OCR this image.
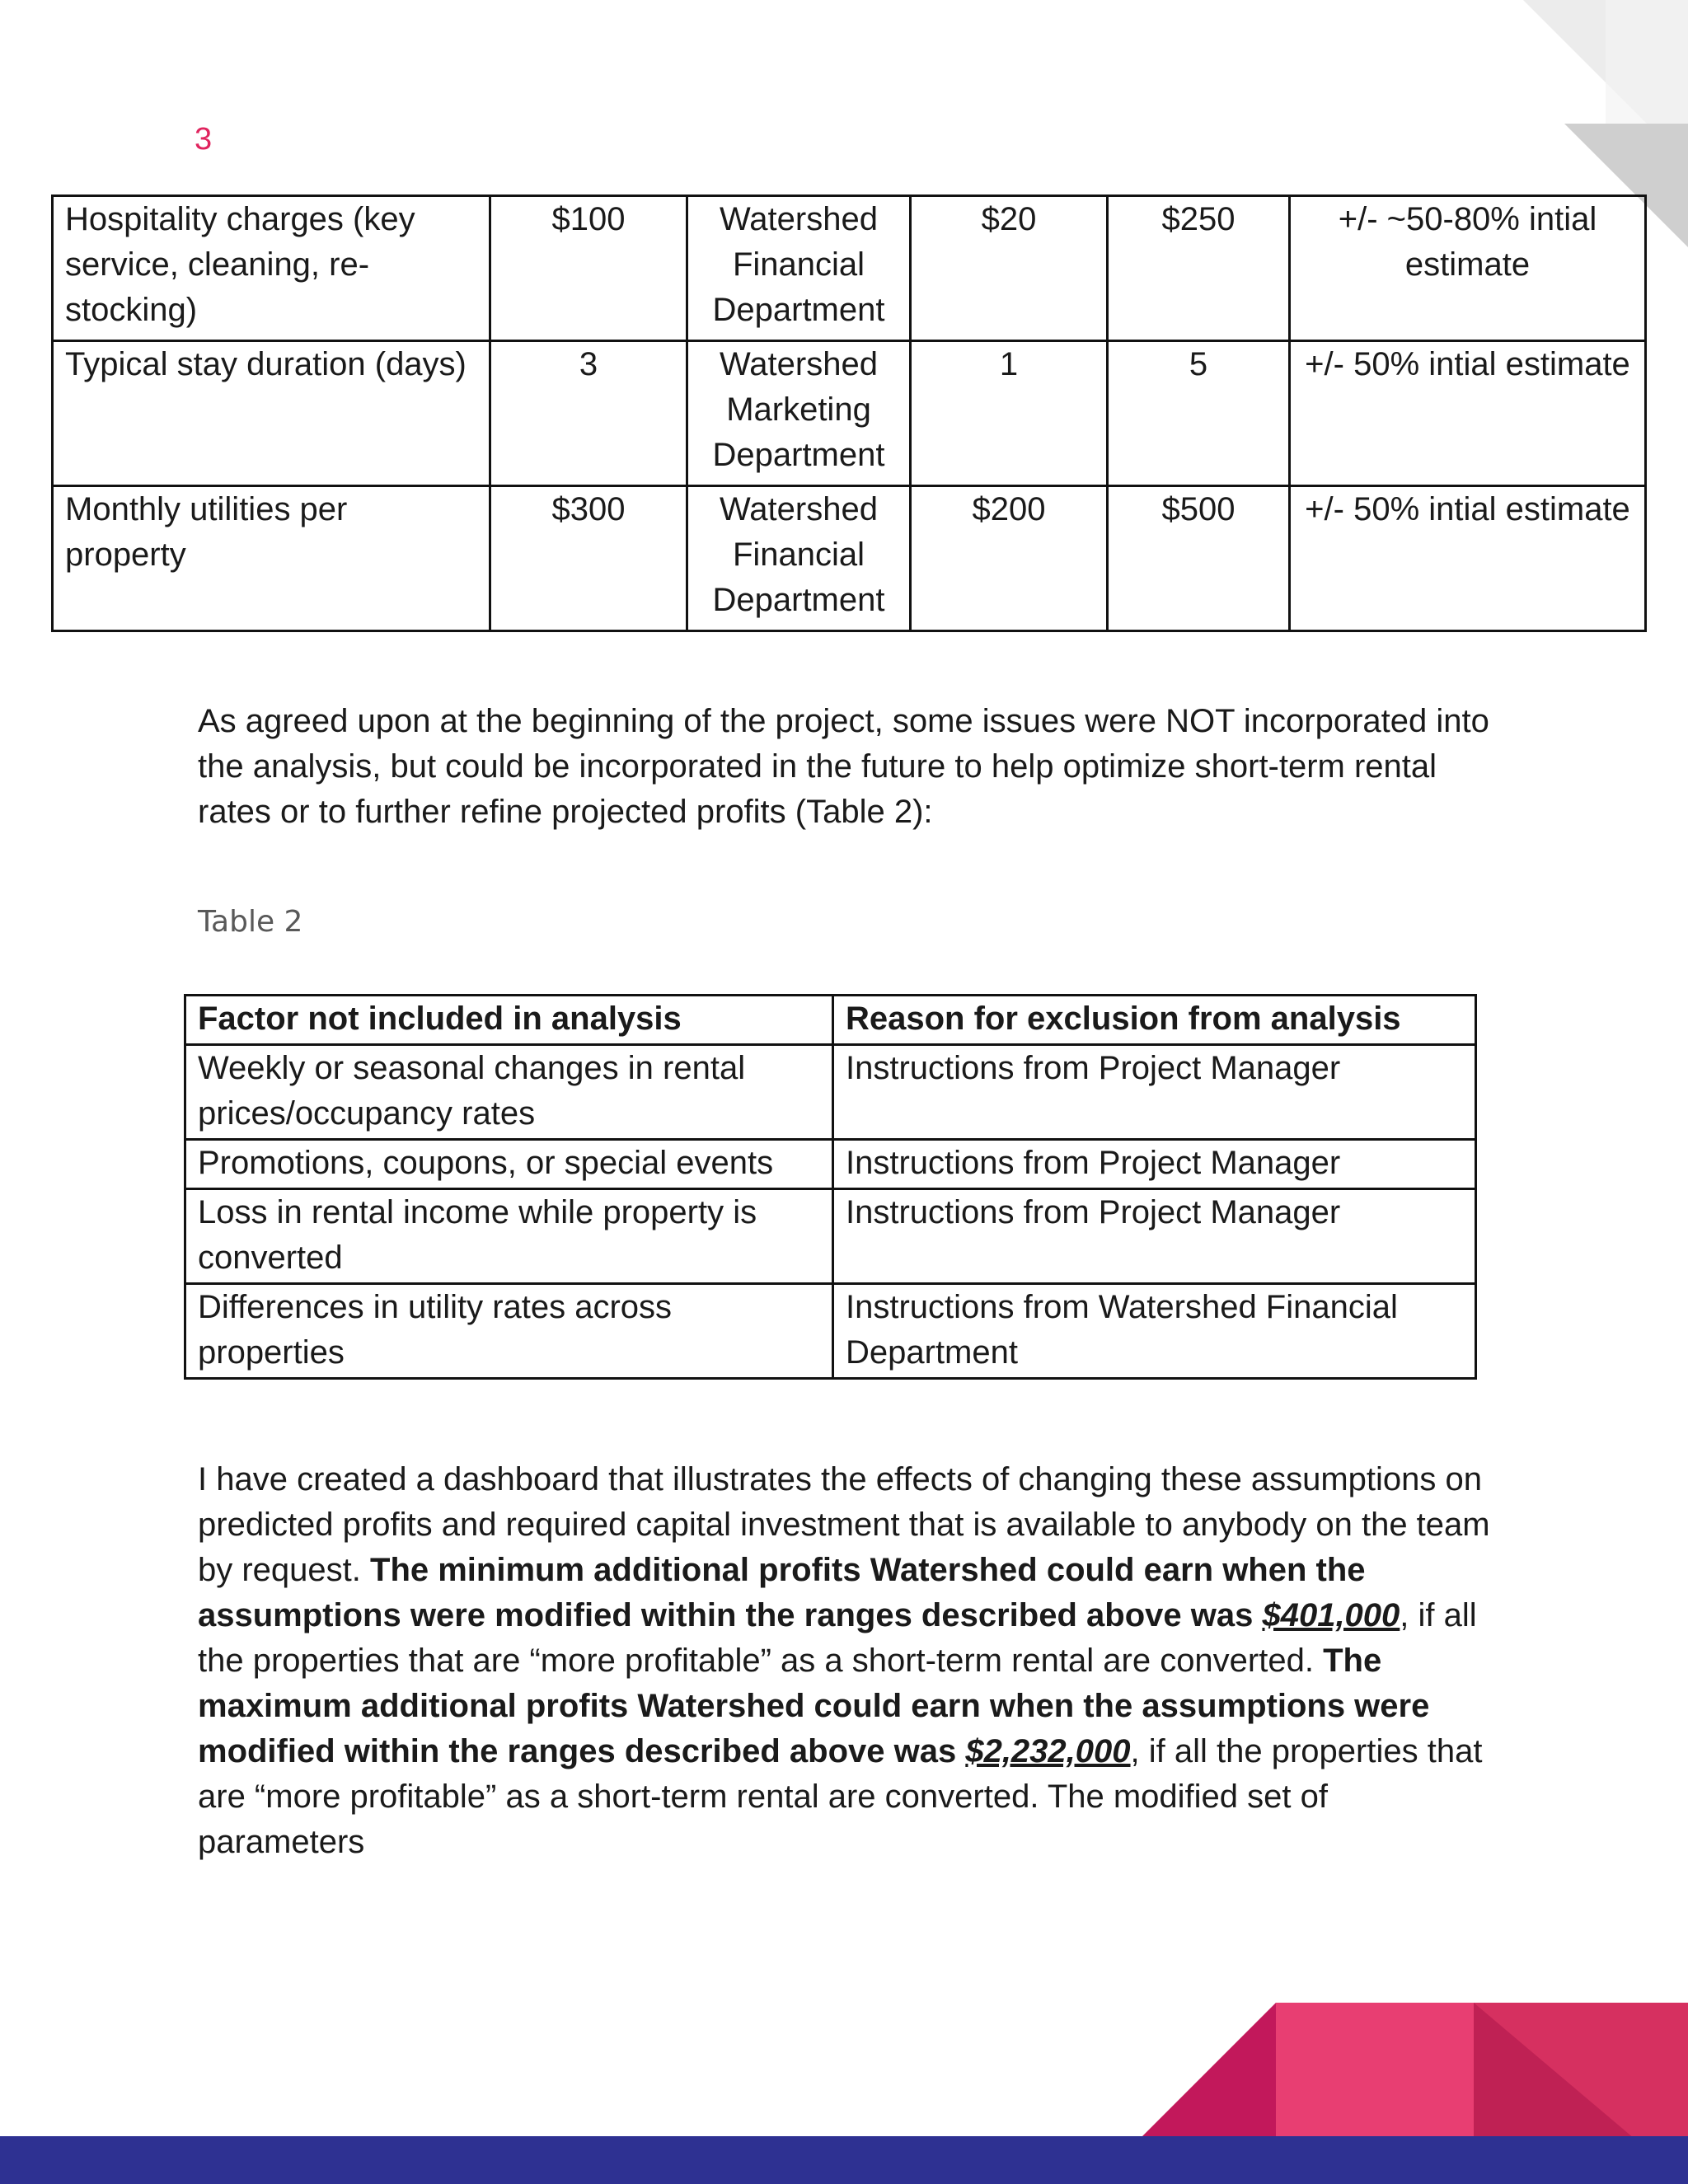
3
Hospitality charges (key service, cleaning, re-stocking)	$100	Watershed Financial Department	$20	$250	+/- ~50-80% intial estimate
Typical stay duration (days)	3	Watershed Marketing Department	1	5	+/- 50% intial estimate
Monthly utilities per property	$300	Watershed Financial Department	$200	$500	+/- 50% intial estimate

As agreed upon at the beginning of the project, some issues were NOT incorporated into the analysis, but could be incorporated in the future to help optimize short-term rental rates or to further refine projected profits (Table 2):

Table 2
Factor not included in analysis	Reason for exclusion from analysis
Weekly or seasonal changes in rental prices/occupancy rates	Instructions from Project Manager
Promotions, coupons, or special events	Instructions from Project Manager
Loss in rental income while property is converted	Instructions from Project Manager
Differences in utility rates across properties	Instructions from Watershed Financial Department

I have created a dashboard that illustrates the effects of changing these assumptions on predicted profits and required capital investment that is available to anybody on the team by request. The minimum additional profits Watershed could earn when the assumptions were modified within the ranges described above was $401,000, if all the properties that are “more profitable” as a short-term rental are converted. The maximum additional profits Watershed could earn when the assumptions were modified within the ranges described above was $2,232,000, if all the properties that are “more profitable” as a short-term rental are converted. The modified set of parameters
